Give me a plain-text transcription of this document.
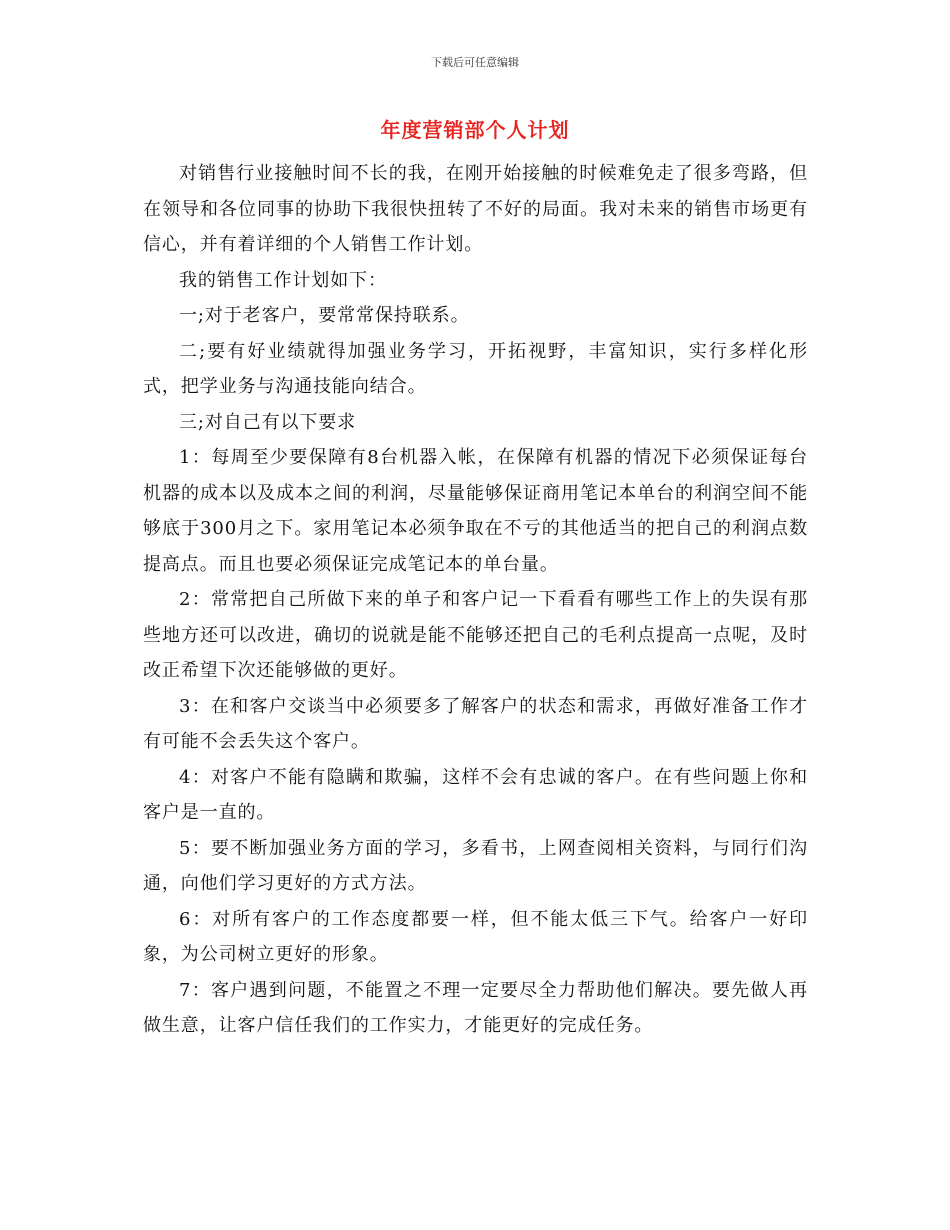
下载后可任意编辑
年度营销部个人计划

对销售行业接触时间不长的我，在刚开始接触的时候难免走了很多弯路，但在领导和各位同事的协助下我很快扭转了不好的局面。我对未来的销售市场更有信心，并有着详细的个人销售工作计划。

我的销售工作计划如下：

一;对于老客户，要常常保持联系。

二;要有好业绩就得加强业务学习，开拓视野，丰富知识，实行多样化形式，把学业务与沟通技能向结合。

三;对自己有以下要求

1：每周至少要保障有8台机器入帐，在保障有机器的情况下必须保证每台机器的成本以及成本之间的利润，尽量能够保证商用笔记本单台的利润空间不能够底于300月之下。家用笔记本必须争取在不亏的其他适当的把自己的利润点数提高点。而且也要必须保证完成笔记本的单台量。

2：常常把自己所做下来的单子和客户记一下看看有哪些工作上的失误有那些地方还可以改进，确切的说就是能不能够还把自己的毛利点提高一点呢，及时改正希望下次还能够做的更好。

3：在和客户交谈当中必须要多了解客户的状态和需求，再做好准备工作才有可能不会丢失这个客户。

4：对客户不能有隐瞒和欺骗，这样不会有忠诚的客户。在有些问题上你和客户是一直的。

5：要不断加强业务方面的学习，多看书，上网查阅相关资料，与同行们沟通，向他们学习更好的方式方法。

6：对所有客户的工作态度都要一样，但不能太低三下气。给客户一好印象，为公司树立更好的形象。

7：客户遇到问题，不能置之不理一定要尽全力帮助他们解决。要先做人再做生意，让客户信任我们的工作实力，才能更好的完成任务。
